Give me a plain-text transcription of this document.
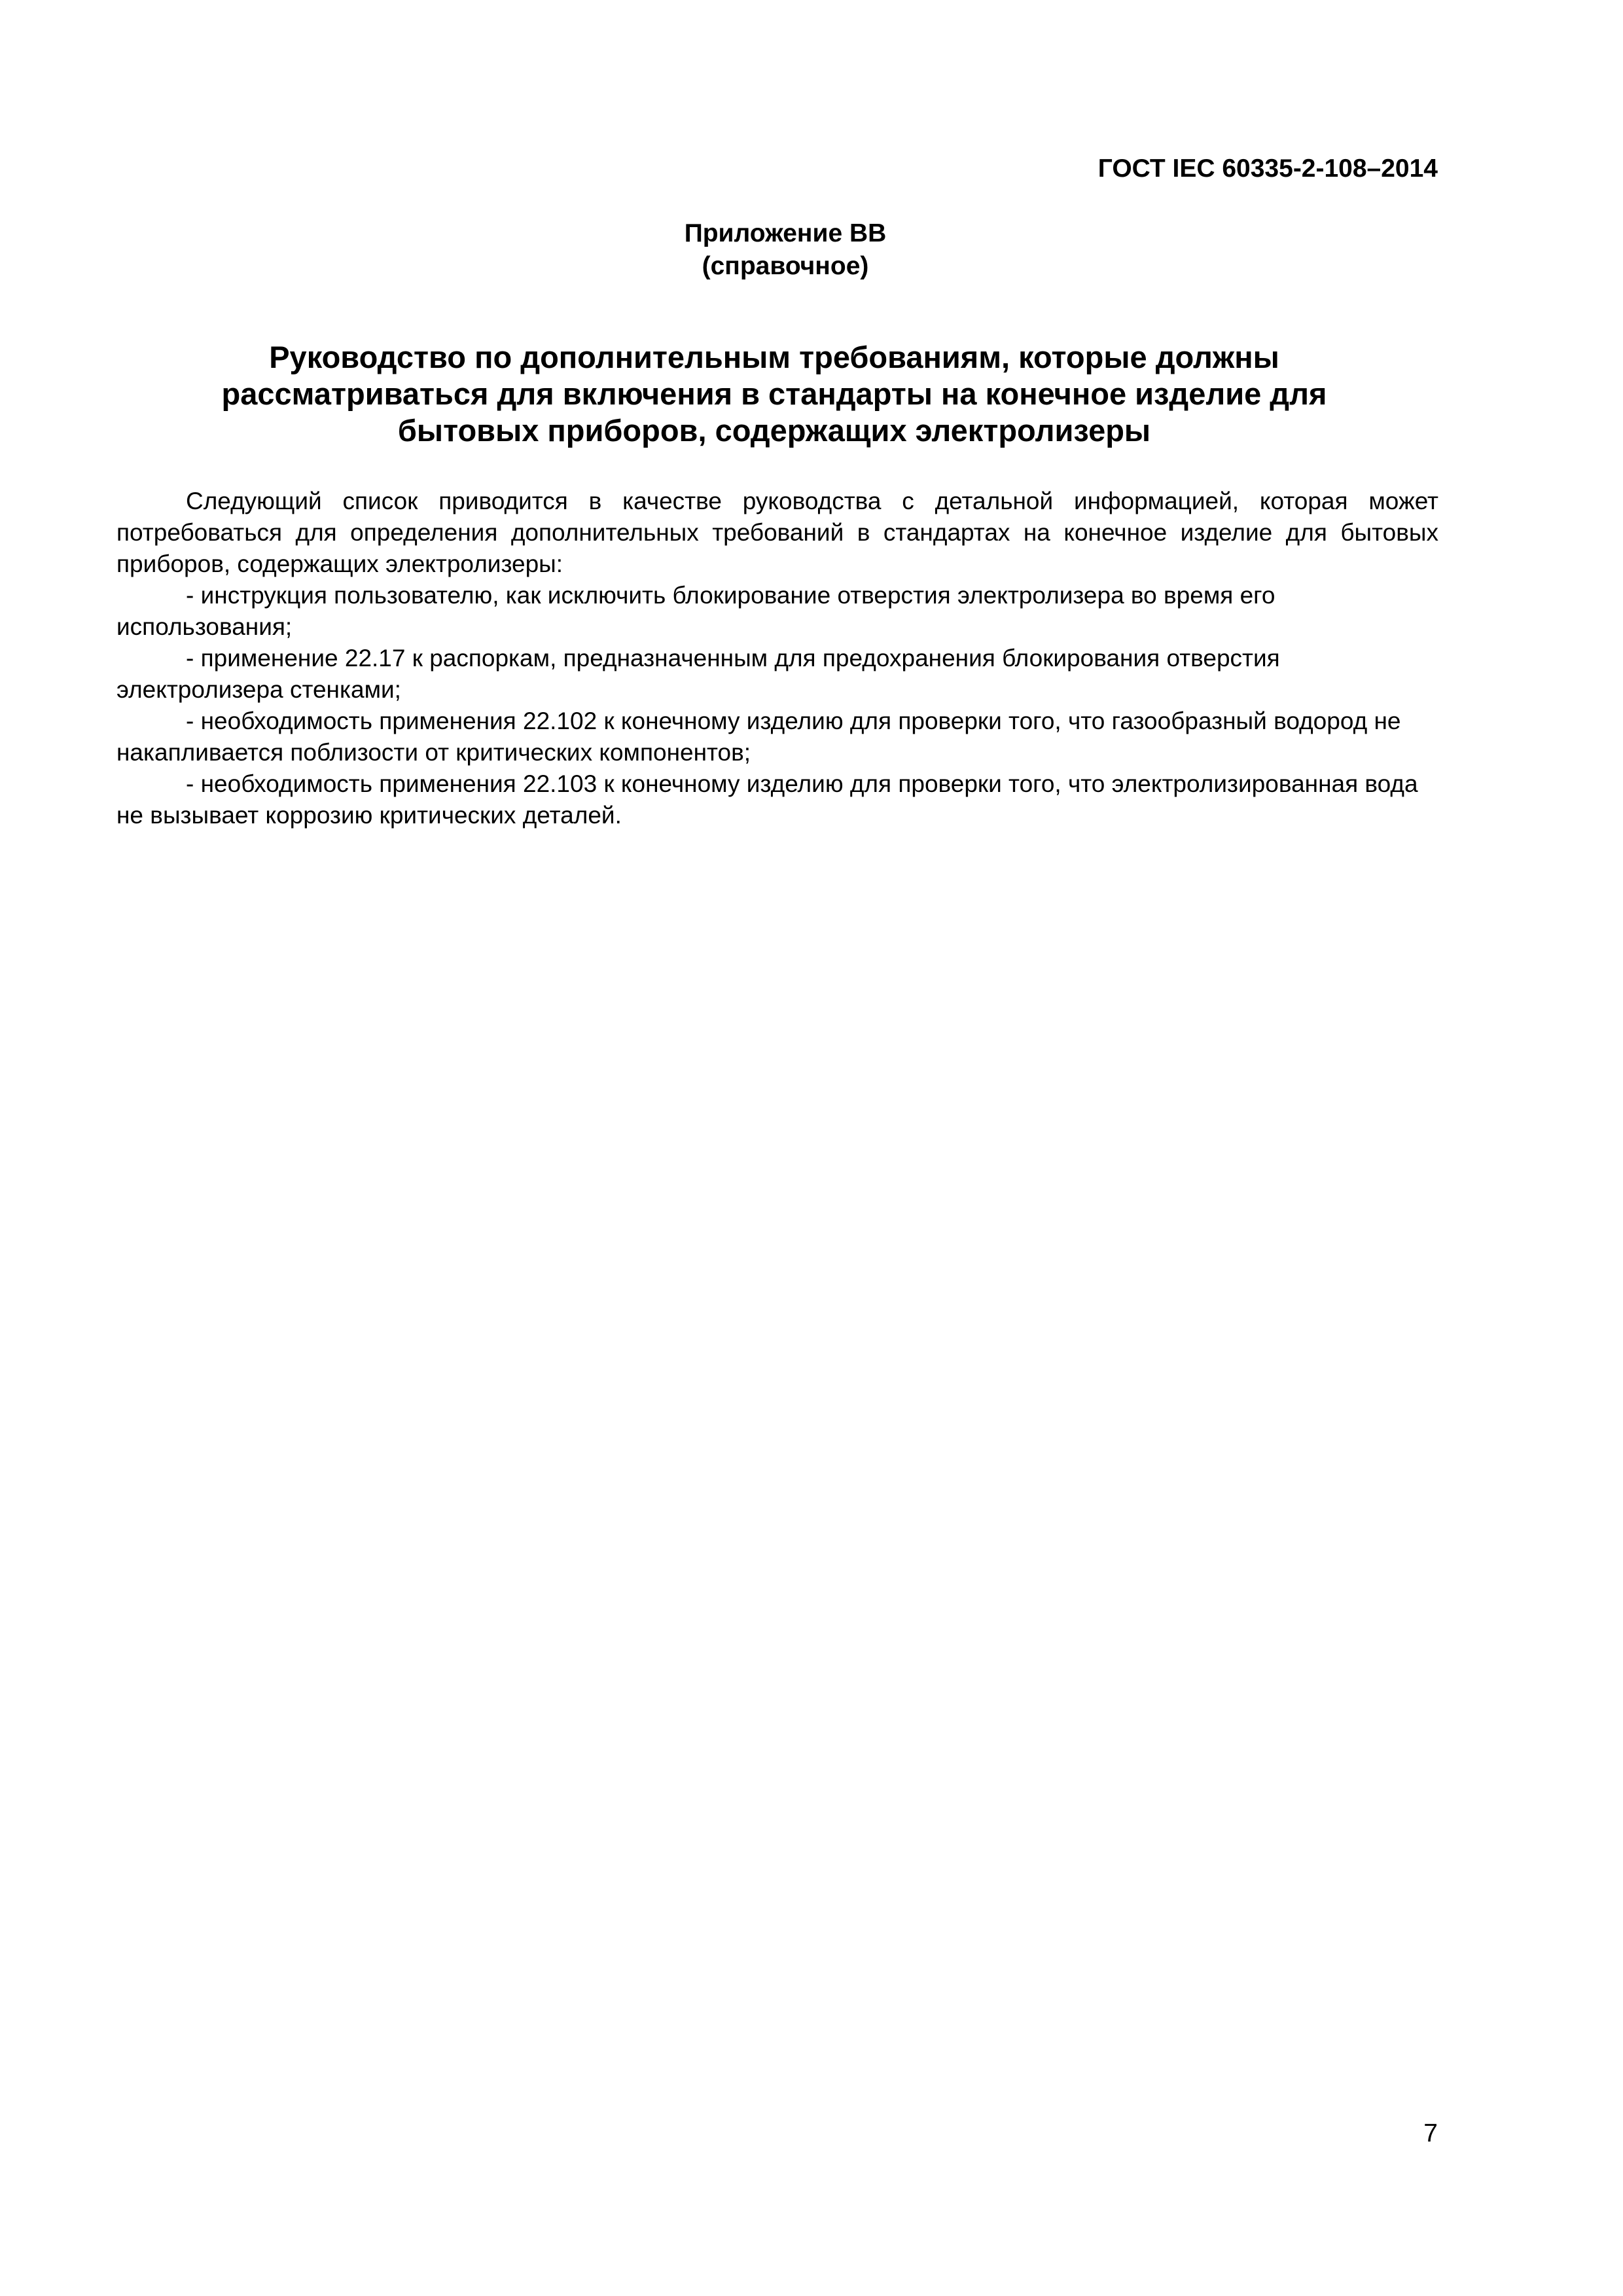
ГОСТ IEC 60335-2-108–2014
Приложение ВВ
(справочное)
Руководство по дополнительным требованиям, которые должны
рассматриваться для включения в стандарты на конечное изделие для
бытовых приборов, содержащих электролизеры

Следующий список приводится в качестве руководства с детальной информацией, которая может потребоваться для определения дополнительных требований в стандартах на конечное изделие для бытовых приборов, содержащих электролизеры:

- инструкция пользователю, как исключить блокирование отверстия электролизера во время его использования;

- применение 22.17 к распоркам, предназначенным для предохранения блокирования отверстия электролизера стенками;

- необходимость применения 22.102 к конечному изделию для проверки того, что газообразный водород не накапливается поблизости от критических компонентов;

- необходимость применения 22.103 к конечному изделию для проверки того, что электролизированная вода не вызывает коррозию критических деталей.

7
